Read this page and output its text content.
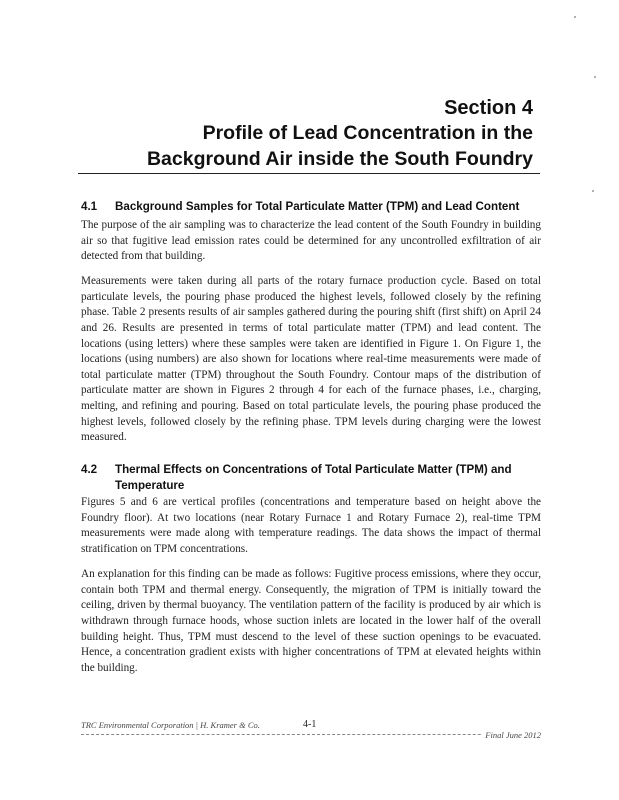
Section 4
Profile of Lead Concentration in the
Background Air inside the South Foundry
4.1 Background Samples for Total Particulate Matter (TPM) and Lead Content

The purpose of the air sampling was to characterize the lead content of the South Foundry in building air so that fugitive lead emission rates could be determined for any uncontrolled exfiltration of air detected from that building.

Measurements were taken during all parts of the rotary furnace production cycle. Based on total particulate levels, the pouring phase produced the highest levels, followed closely by the refining phase. Table 2 presents results of air samples gathered during the pouring shift (first shift) on April 24 and 26. Results are presented in terms of total particulate matter (TPM) and lead content. The locations (using letters) where these samples were taken are identified in Figure 1. On Figure 1, the locations (using numbers) are also shown for locations where real-time measurements were made of total particulate matter (TPM) throughout the South Foundry. Contour maps of the distribution of particulate matter are shown in Figures 2 through 4 for each of the furnace phases, i.e., charging, melting, and refining and pouring. Based on total particulate levels, the pouring phase produced the highest levels, followed closely by the refining phase. TPM levels during charging were the lowest measured.

4.2 Thermal Effects on Concentrations of Total Particulate Matter (TPM) and
Temperature

Figures 5 and 6 are vertical profiles (concentrations and temperature based on height above the Foundry floor). At two locations (near Rotary Furnace 1 and Rotary Furnace 2), real-time TPM measurements were made along with temperature readings. The data shows the impact of thermal stratification on TPM concentrations.

An explanation for this finding can be made as follows: Fugitive process emissions, where they occur, contain both TPM and thermal energy. Consequently, the migration of TPM is initially toward the ceiling, driven by thermal buoyancy. The ventilation pattern of the facility is produced by air which is withdrawn through furnace hoods, whose suction inlets are located in the lower half of the overall building height. Thus, TPM must descend to the level of these suction openings to be evacuated. Hence, a concentration gradient exists with higher concentrations of TPM at elevated heights within the building.

TRC Environmental Corporation | H. Kramer & Co.	4-1
Final June 2012
